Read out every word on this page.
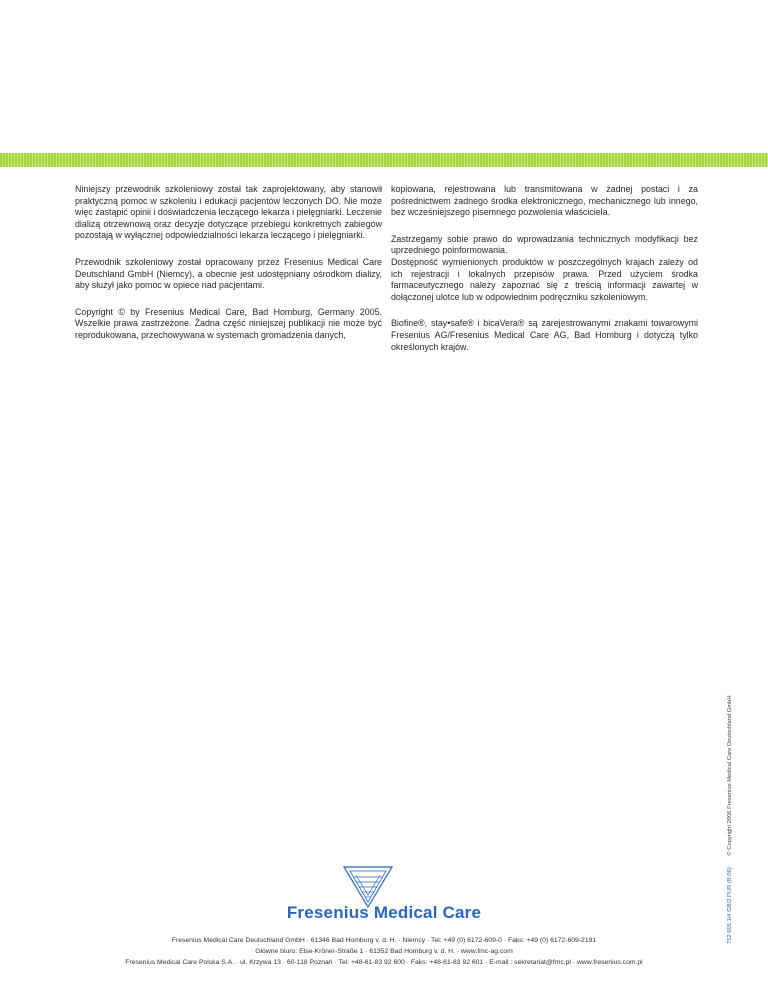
Niniejszy przewodnik szkoleniowy został tak zaprojektowany, aby stanowił praktyczną pomoc w szkoleniu i edukacji pacjentów leczonych DO. Nie może więc zastąpić opinii i doświadczenia leczącego lekarza i pielęgniarki. Leczenie dializą otrzewnową oraz decyzje dotyczące przebiegu konkretnych zabiegów pozostają w wyłącznej odpowiedzialności lekarza leczącego i pielęgniarki.

Przewodnik szkoleniowy został opracowany przez Fresenius Medical Care Deutschland GmbH (Niemcy), a obecnie jest udostępniany ośrodkom dializy, aby służył jako pomoc w opiece nad pacjentami.

Copyright © by Fresenius Medical Care, Bad Homburg, Germany 2005. Wszelkie prawa zastrzeżone. Żadna część niniejszej publikacji nie może być reprodukowana, przechowywana w systemach gromadzenia danych,

kopiowana, rejestrowana lub transmitowana w żadnej postaci i za pośrednictwem żadnego środka elektronicznego, mechanicznego lub innego, bez wcześniejszego pisemnego pozwolenia właściciela.

Zastrzegamy sobie prawo do wprowadzania technicznych modyfikacji bez uprzedniego poinformowania.
Dostępność wymienionych produktów w poszczególnych krajach zależy od ich rejestracji i lokalnych przepisów prawa. Przed użyciem środka farmaceutycznego należy zapoznać się z treścią informacji zawartej w dołączonej ulotce lub w odpowiednim podręczniku szkoleniowym.

Biofine®, stay•safe® i bicaVera® są zarejestrowanymi znakami towarowymi Fresenius AG/Fresenius Medical Care AG, Bad Homburg i dotyczą tylko określonych krajów.

752 605 1/4 GB/2 PUR (B 06) © Copyright 2006 Fresenius Medical Care Deutschland GmbH
Fresenius Medical Care
Fresenius Medical Care Deutschland GmbH · 61346 Bad Homburg v. d. H. · Niemcy · Tel: +49 (0) 6172-609-0 · Faks: +49 (0) 6172-609-2191
Główne biuro: Else-Kröner-Straße 1 · 61352 Bad Homburg v. d. H. · www.fmc-ag.com
Fresenius Medical Care Polska S.A. · ul. Krzywa 13 · 60-118 Poznań · Tel: +48-61-83 92 600 · Faks: +48-61-83 92 601 · E-mail : sekretariat@fmc.pl · www.fresenius.com.pl
